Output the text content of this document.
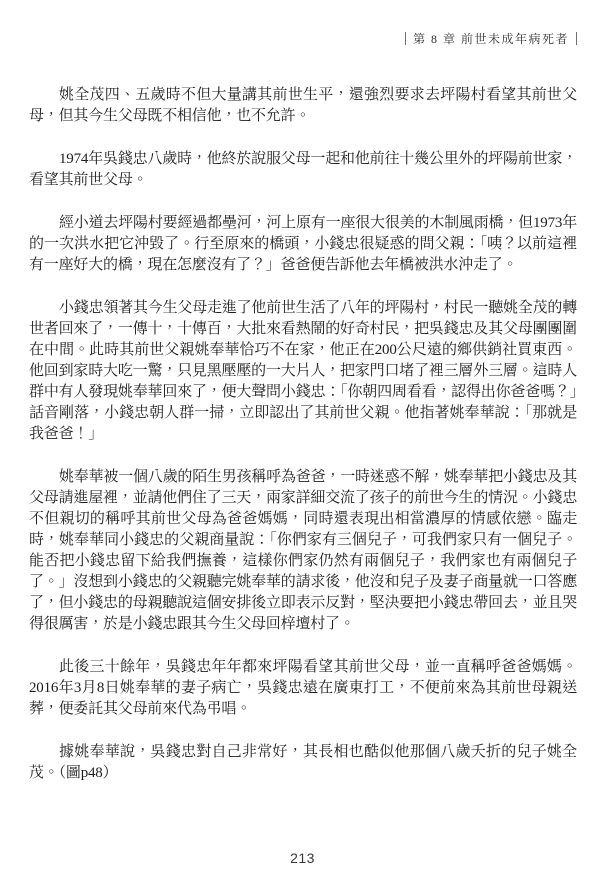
第 8 章 前世未成年病死者

姚全茂四、五歲時不但大量講其前世生平，還強烈要求去坪陽村看望其前世父母，但其今生父母既不相信他，也不允許。

1974年吳錢忠八歲時，他終於說服父母一起和他前往十幾公里外的坪陽前世家，看望其前世父母。

經小道去坪陽村要經過都壘河，河上原有一座很大很美的木制風雨橋，但1973年的一次洪水把它沖毀了。行至原來的橋頭，小錢忠很疑惑的問父親：「咦？以前這裡有一座好大的橋，現在怎麼沒有了？」爸爸便告訴他去年橋被洪水沖走了。

小錢忠領著其今生父母走進了他前世生活了八年的坪陽村，村民一聽姚全茂的轉世者回來了，一傳十，十傳百，大批來看熱鬧的好奇村民，把吳錢忠及其父母團團圍在中間。此時其前世父親姚奉華恰巧不在家，他正在200公尺遠的鄉供銷社買東西。他回到家時大吃一驚，只見黑壓壓的一大片人，把家門口堵了裡三層外三層。這時人群中有人發現姚奉華回來了，便大聲問小錢忠：「你朝四周看看，認得出你爸爸嗎？」話音剛落，小錢忠朝人群一掃，立即認出了其前世父親。他指著姚奉華說：「那就是我爸爸！」

姚奉華被一個八歲的陌生男孩稱呼為爸爸，一時迷惑不解，姚奉華把小錢忠及其父母請進屋裡，並請他們住了三天，兩家詳細交流了孩子的前世今生的情況。小錢忠不但親切的稱呼其前世父母為爸爸媽媽，同時還表現出相當濃厚的情感依戀。臨走時，姚奉華同小錢忠的父親商量說：「你們家有三個兒子，可我們家只有一個兒子。能否把小錢忠留下給我們撫養，這樣你們家仍然有兩個兒子，我們家也有兩個兒子了。」沒想到小錢忠的父親聽完姚奉華的請求後，他沒和兒子及妻子商量就一口答應了，但小錢忠的母親聽說這個安排後立即表示反對，堅決要把小錢忠帶回去，並且哭得很厲害，於是小錢忠跟其今生父母回梓壇村了。

此後三十餘年，吳錢忠年年都來坪陽看望其前世父母，並一直稱呼爸爸媽媽。2016年3月8日姚奉華的妻子病亡，吳錢忠遠在廣東打工，不便前來為其前世母親送葬，便委託其父母前來代為弔唱。

據姚奉華說，吳錢忠對自己非常好，其長相也酷似他那個八歲夭折的兒子姚全茂。（圖p48）

213
